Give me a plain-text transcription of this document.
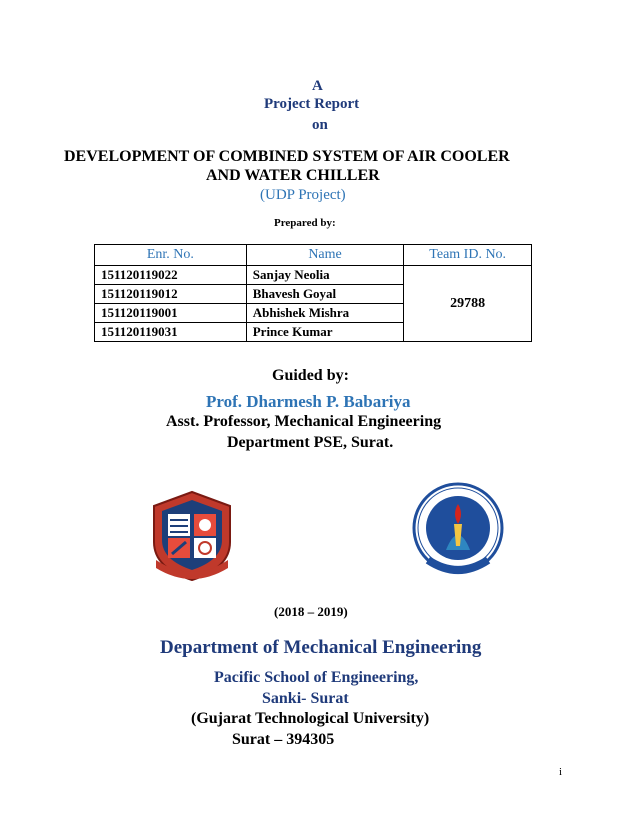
A
Project Report
on
DEVELOPMENT OF COMBINED SYSTEM OF AIR COOLER
AND WATER CHILLER
(UDP Project)
Prepared by:
Enr. No.	Name	Team ID. No.
151120119022	Sanjay Neolia	29788
151120119012	Bhavesh Goyal	
151120119001	Abhishek Mishra	
151120119031	Prince Kumar	
Guided by:
Prof. Dharmesh P. Babariya
Asst. Professor, Mechanical Engineering
Department PSE, Surat.
(2018 – 2019)
Department of Mechanical Engineering
Pacific School of Engineering,
Sanki- Surat
(Gujarat Technological University)
Surat – 394305
i
